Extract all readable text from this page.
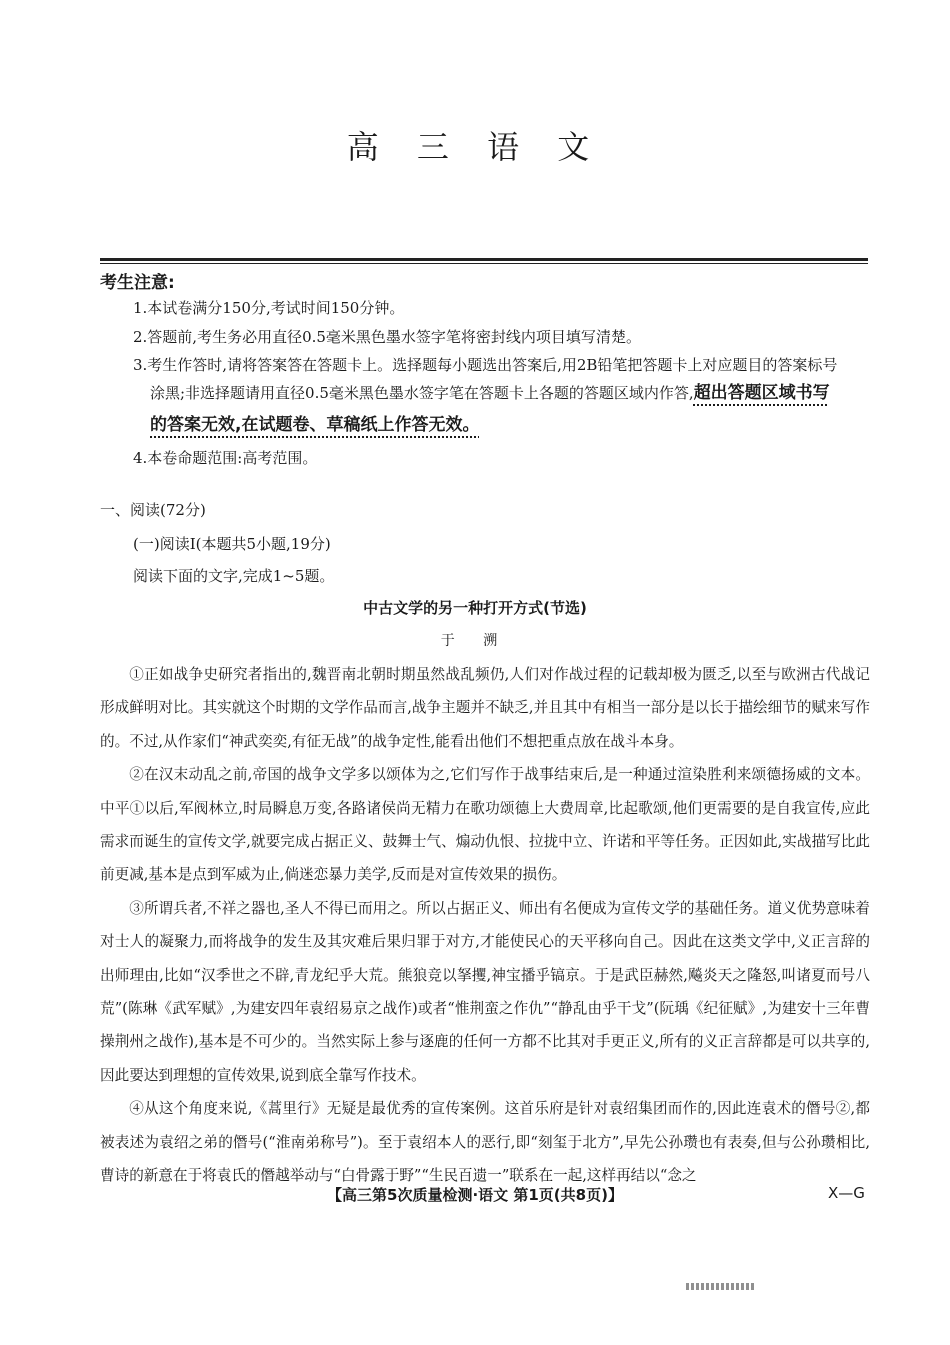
高 三 语 文
考生注意:
1.本试卷满分150分,考试时间150分钟。
2.答题前,考生务必用直径0.5毫米黑色墨水签字笔将密封线内项目填写清楚。
3.考生作答时,请将答案答在答题卡上。选择题每小题选出答案后,用2B铅笔把答题卡上对应题目的答案标号
涂黑;非选择题请用直径0.5毫米黑色墨水签字笔在答题卡上各题的答题区域内作答,超出答题区域书写
的答案无效,在试题卷、草稿纸上作答无效。
4.本卷命题范围:高考范围。
一、阅读(72分)
(一)阅读Ⅰ(本题共5小题,19分)
阅读下面的文字,完成1~5题。
中古文学的另一种打开方式(节选)
于 溯

①正如战争史研究者指出的,魏晋南北朝时期虽然战乱频仍,人们对作战过程的记载却极为匮乏,以至与欧洲古代战记形成鲜明对比。其实就这个时期的文学作品而言,战争主题并不缺乏,并且其中有相当一部分是以长于描绘细节的赋来写作的。不过,从作家们“神武奕奕,有征无战”的战争定性,能看出他们不想把重点放在战斗本身。

②在汉末动乱之前,帝国的战争文学多以颂体为之,它们写作于战事结束后,是一种通过渲染胜利来颂德扬威的文本。中平①以后,军阀林立,时局瞬息万变,各路诸侯尚无精力在歌功颂德上大费周章,比起歌颂,他们更需要的是自我宣传,应此需求而诞生的宣传文学,就要完成占据正义、鼓舞士气、煽动仇恨、拉拢中立、许诺和平等任务。正因如此,实战描写比此前更减,基本是点到军威为止,倘迷恋暴力美学,反而是对宣传效果的损伤。

③所谓兵者,不祥之器也,圣人不得已而用之。所以占据正义、师出有名便成为宣传文学的基础任务。道义优势意味着对士人的凝聚力,而将战争的发生及其灾难后果归罪于对方,才能使民心的天平移向自己。因此在这类文学中,义正言辞的出师理由,比如“汉季世之不辟,青龙纪乎大荒。熊狼竞以拏攫,神宝播乎镐京。于是武臣赫然,飚炎天之隆怒,叫诸夏而号八荒”(陈琳《武军赋》,为建安四年袁绍易京之战作)或者“惟荆蛮之作仇”“静乱由乎干戈”(阮瑀《纪征赋》,为建安十三年曹操荆州之战作),基本是不可少的。当然实际上参与逐鹿的任何一方都不比其对手更正义,所有的义正言辞都是可以共享的,因此要达到理想的宣传效果,说到底全靠写作技术。

④从这个角度来说,《蒿里行》无疑是最优秀的宣传案例。这首乐府是针对袁绍集团而作的,因此连袁术的僭号②,都被表述为袁绍之弟的僭号(“淮南弟称号”)。至于袁绍本人的恶行,即“刻玺于北方”,早先公孙瓒也有表奏,但与公孙瓒相比,曹诗的新意在于将袁氏的僭越举动与“白骨露于野”“生民百遗一”联系在一起,这样再结以“念之

【高三第5次质量检测·语文 第1页(共8页)】	X—G
